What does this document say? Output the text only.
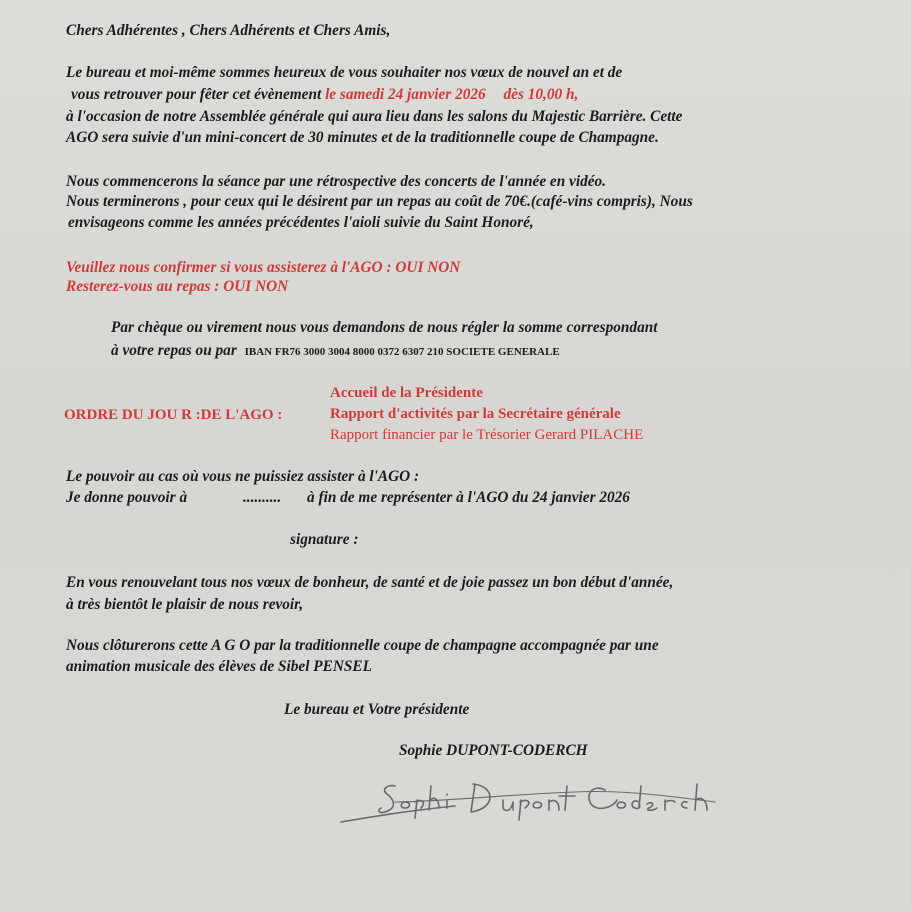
Chers Adhérentes , Chers Adhérents et Chers Amis,
Le bureau et moi-même sommes heureux de vous souhaiter nos vœux de nouvel an et de
vous retrouver pour fêter cet évènement le samedi 24 janvier 2026 dès 10,00 h,
à l'occasion de notre Assemblée générale qui aura lieu dans les salons du Majestic Barrière. Cette
AGO sera suivie d'un mini-concert de 30 minutes et de la traditionnelle coupe de Champagne.
Nous commencerons la séance par une rétrospective des concerts de l'année en vidéo.
Nous terminerons , pour ceux qui le désirent par un repas au coût de 70€.(café-vins compris), Nous
envisageons comme les années précédentes l'aioli suivie du Saint Honoré,
Veuillez nous confirmer si vous assisterez à l'AGO : OUI NON
Resterez-vous au repas : OUI NON
Par chèque ou virement nous vous demandons de nous régler la somme correspondant
à votre repas ou par IBAN FR76 3000 3004 8000 0372 6307 210 SOCIETE GENERALE
ORDRE DU JOU R :DE L'AGO :
Accueil de la Présidente
Rapport d'activités par la Secrétaire générale
Rapport financier par le Trésorier Gerard PILACHE
Le pouvoir au cas où vous ne puissiez assister à l'AGO :
Je donne pouvoir à	.......... à fin de me représenter à l'AGO du 24 janvier 2026
signature :
En vous renouvelant tous nos vœux de bonheur, de santé et de joie passez un bon début d'année,
à très bientôt le plaisir de nous revoir,
Nous clôturerons cette A G O par la traditionnelle coupe de champagne accompagnée par une
animation musicale des élèves de Sibel PENSEL
Le bureau et Votre présidente
Sophie DUPONT-CODERCH
